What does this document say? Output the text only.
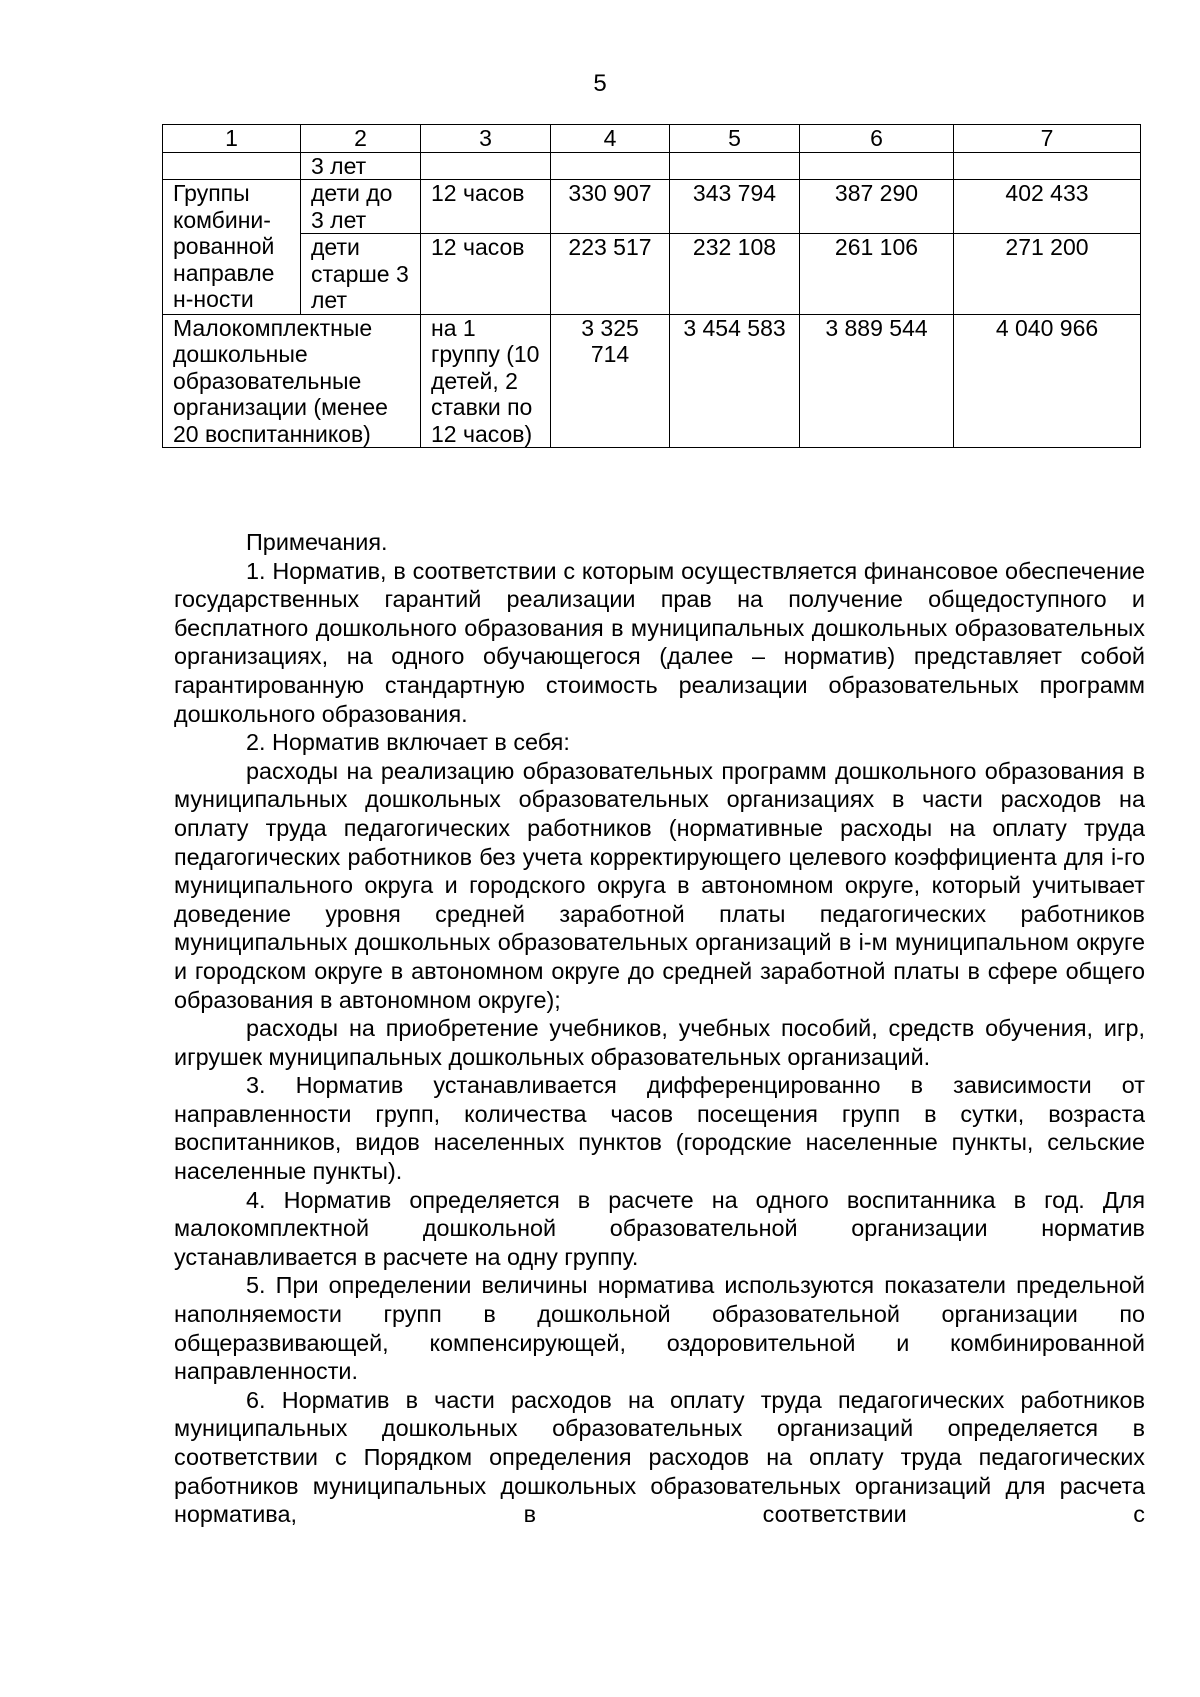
5
1	2	3	4	5	6	7
	3 лет					
Группы комбини-рованной направле н-ности	дети до 3 лет	12 часов	330 907	343 794	387 290	402 433
	дети старше 3 лет	12 часов	223 517	232 108	261 106	271 200
Малокомплектные дошкольные образовательные организации (менее 20 воспитанников)		на 1 группу (10 детей, 2 ставки по 12 часов)	3 325 714	3 454 583	3 889 544	4 040 966

Примечания.

1. Норматив, в соответствии с которым осуществляется финансовое обеспечение государственных гарантий реализации прав на получение общедоступного и бесплатного дошкольного образования в муниципальных дошкольных образовательных организациях, на одного обучающегося (далее – норматив) представляет собой гарантированную стандартную стоимость реализации образовательных программ дошкольного образования.

2. Норматив включает в себя:

расходы на реализацию образовательных программ дошкольного образования в муниципальных дошкольных образовательных организациях в части расходов на оплату труда педагогических работников (нормативные расходы на оплату труда педагогических работников без учета корректирующего целевого коэффициента для i-го муниципального округа и городского округа в автономном округе, который учитывает доведение уровня средней заработной платы педагогических работников муниципальных дошкольных образовательных организаций в i-м муниципальном округе и городском округе в автономном округе до средней заработной платы в сфере общего образования в автономном округе);

расходы на приобретение учебников, учебных пособий, средств обучения, игр, игрушек муниципальных дошкольных образовательных организаций.

3. Норматив устанавливается дифференцированно в зависимости от направленности групп, количества часов посещения групп в сутки, возраста воспитанников, видов населенных пунктов (городские населенные пункты, сельские населенные пункты).

4. Норматив определяется в расчете на одного воспитанника в год. Для малокомплектной дошкольной образовательной организации норматив устанавливается в расчете на одну группу.

5. При определении величины норматива используются показатели предельной наполняемости групп в дошкольной образовательной организации по общеразвивающей, компенсирующей, оздоровительной и комбинированной направленности.

6. Норматив в части расходов на оплату труда педагогических работников муниципальных дошкольных образовательных организаций определяется в соответствии с Порядком определения расходов на оплату труда педагогических работников муниципальных дошкольных образовательных организаций для расчета норматива, в соответствии с
